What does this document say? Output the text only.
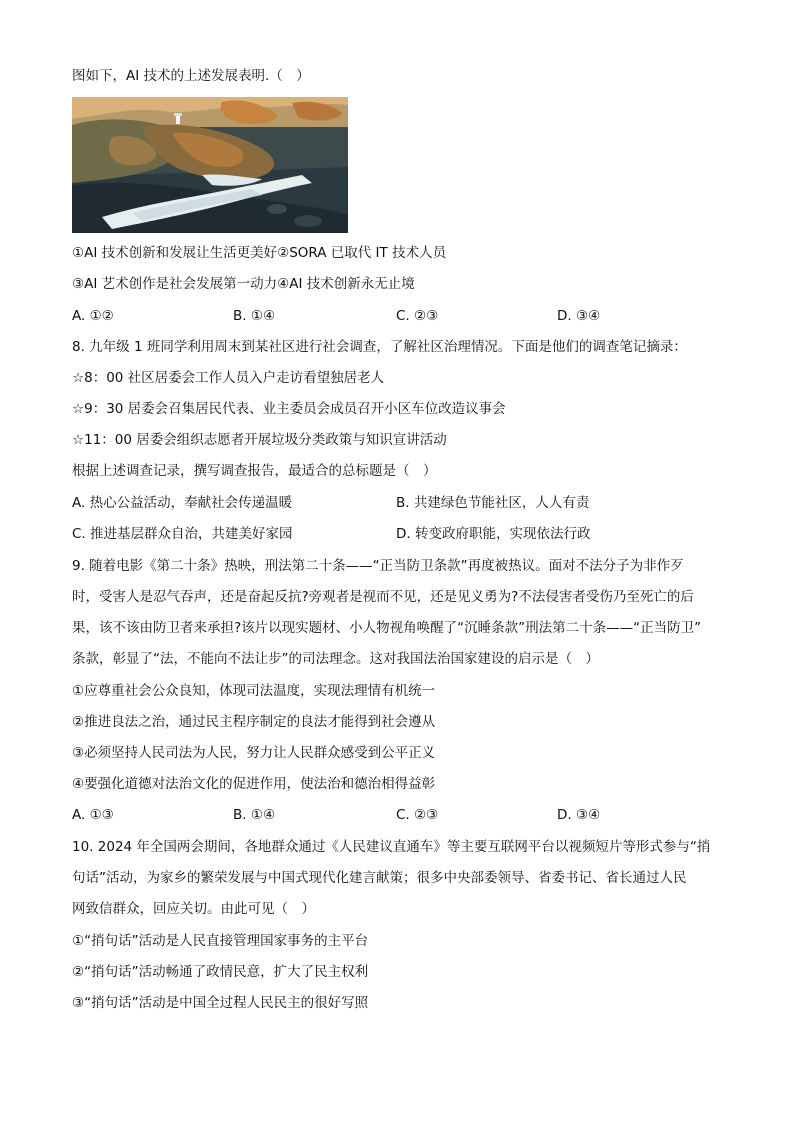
图如下，AI 技术的上述发展表明.（　）
①AI 技术创新和发展让生活更美好②SORA 已取代 IT 技术人员
③AI 艺术创作是社会发展第一动力④AI 技术创新永无止境
A. ①②	B. ①④	C. ②③	D. ③④
8. 九年级 1 班同学利用周末到某社区进行社会调查，了解社区治理情况。下面是他们的调查笔记摘录：
☆8：00 社区居委会工作人员入户走访看望独居老人
☆9：30 居委会召集居民代表、业主委员会成员召开小区车位改造议事会
☆11：00 居委会组织志愿者开展垃圾分类政策与知识宣讲活动
根据上述调查记录，撰写调查报告，最适合的总标题是（　）
A. 热心公益活动，奉献社会传递温暖	B. 共建绿色节能社区，人人有责
C. 推进基层群众自治，共建美好家园	D. 转变政府职能，实现依法行政
9. 随着电影《第二十条》热映，刑法第二十条——“正当防卫条款”再度被热议。面对不法分子为非作歹
时，受害人是忍气吞声，还是奋起反抗?旁观者是视而不见，还是见义勇为?不法侵害者受伤乃至死亡的后
果，该不该由防卫者来承担?该片以现实题材、小人物视角唤醒了“沉睡条款”刑法第二十条——“正当防卫”
条款，彰显了“法，不能向不法让步”的司法理念。这对我国法治国家建设的启示是（　）
①应尊重社会公众良知，体现司法温度，实现法理情有机统一
②推进良法之治，通过民主程序制定的良法才能得到社会遵从
③必须坚持人民司法为人民，努力让人民群众感受到公平正义
④要强化道德对法治文化的促进作用，使法治和德治相得益彰
A. ①③	B. ①④	C. ②③	D. ③④
10. 2024 年全国两会期间，各地群众通过《人民建议直通车》等主要互联网平台以视频短片等形式参与“捎
句话”活动，为家乡的繁荣发展与中国式现代化建言献策；很多中央部委领导、省委书记、省长通过人民
网致信群众，回应关切。由此可见（　）
①“捎句话”活动是人民直接管理国家事务的主平台
②“捎句话”活动畅通了政情民意，扩大了民主权利
③“捎句话”活动是中国全过程人民民主的很好写照
